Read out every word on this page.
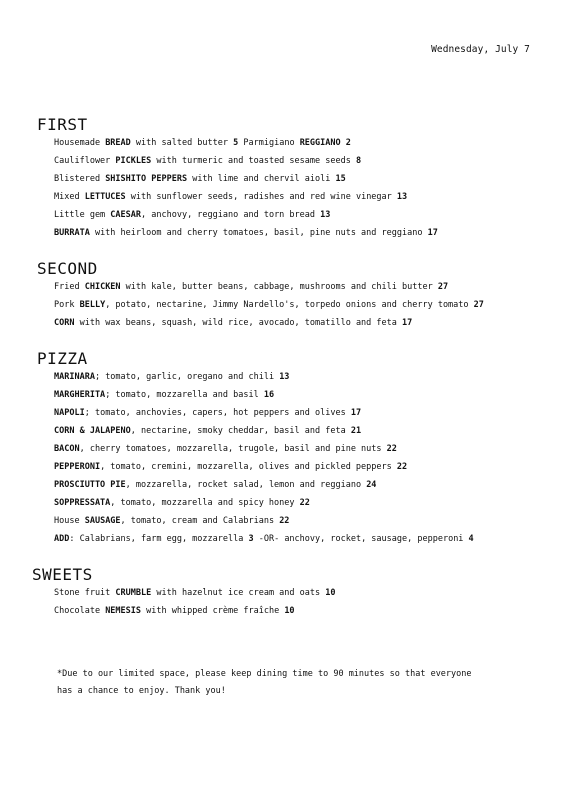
Wednesday, July 7
FIRST
Housemade BREAD with salted butter 5 Parmigiano REGGIANO 2
Cauliflower PICKLES with turmeric and toasted sesame seeds 8
Blistered SHISHITO PEPPERS with lime and chervil aioli 15
Mixed LETTUCES with sunflower seeds, radishes and red wine vinegar 13
Little gem CAESAR, anchovy, reggiano and torn bread 13
BURRATA with heirloom and cherry tomatoes, basil, pine nuts and reggiano 17
SECOND
Fried CHICKEN with kale, butter beans, cabbage, mushrooms and chili butter 27
Pork BELLY, potato, nectarine, Jimmy Nardello's, torpedo onions and cherry tomato 27
CORN with wax beans, squash, wild rice, avocado, tomatillo and feta 17
PIZZA
MARINARA; tomato, garlic, oregano and chili 13
MARGHERITA; tomato, mozzarella and basil 16
NAPOLI; tomato, anchovies, capers, hot peppers and olives 17
CORN & JALAPENO, nectarine, smoky cheddar, basil and feta 21
BACON, cherry tomatoes, mozzarella, trugole, basil and pine nuts 22
PEPPERONI, tomato, cremini, mozzarella, olives and pickled peppers 22
PROSCIUTTO PIE, mozzarella, rocket salad, lemon and reggiano 24
SOPPRESSATA, tomato, mozzarella and spicy honey 22
House SAUSAGE, tomato, cream and Calabrians 22
ADD: Calabrians, farm egg, mozzarella 3 -OR- anchovy, rocket, sausage, pepperoni 4
SWEETS
Stone fruit CRUMBLE with hazelnut ice cream and oats 10
Chocolate NEMESIS with whipped crème fraîche 10
*Due to our limited space, please keep dining time to 90 minutes so that everyone
has a chance to enjoy. Thank you!
